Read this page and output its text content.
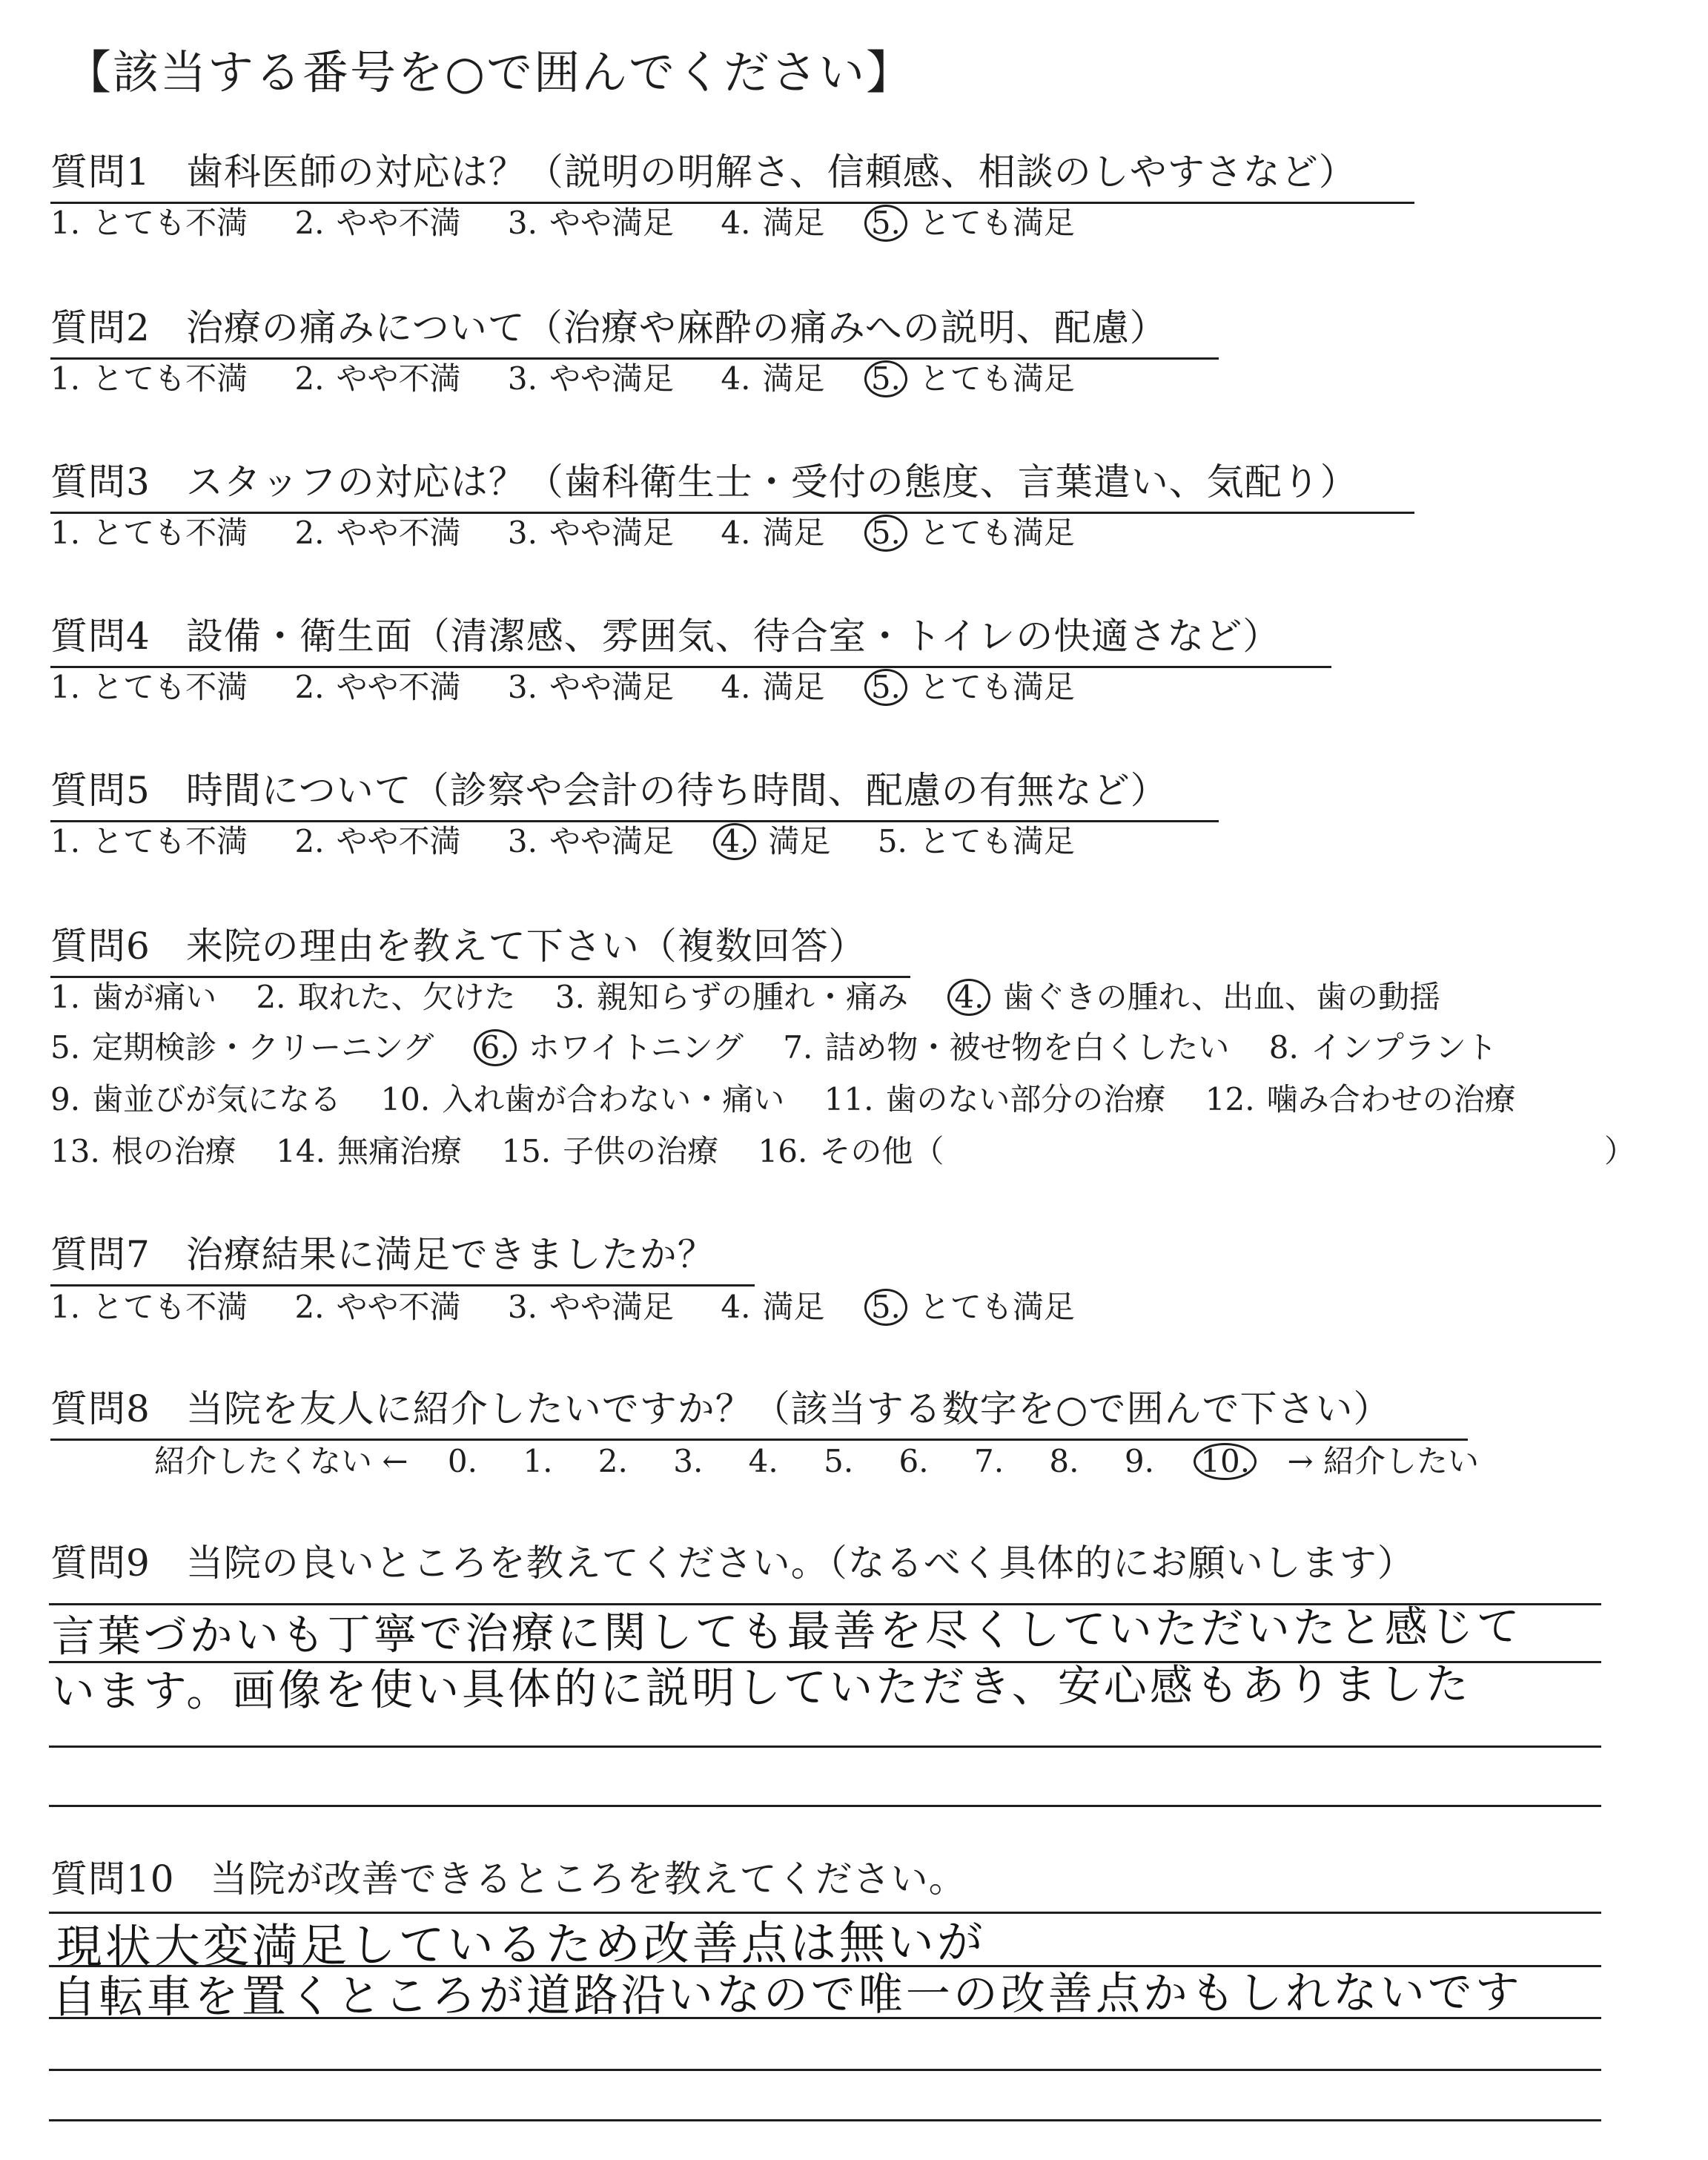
【該当する番号を○で囲んでください】
質問1 歯科医師の対応は？（説明の明解さ、信頼感、相談のしやすさなど）
1. とても不満 2. やや不満 3. やや満足 4. 満足 5. とても満足
質問2 治療の痛みについて（治療や麻酔の痛みへの説明、配慮）
1. とても不満 2. やや不満 3. やや満足 4. 満足 5. とても満足
質問3 スタッフの対応は？（歯科衛生士・受付の態度、言葉遣い、気配り）
1. とても不満 2. やや不満 3. やや満足 4. 満足 5. とても満足
質問4 設備・衛生面（清潔感、雰囲気、待合室・トイレの快適さなど）
1. とても不満 2. やや不満 3. やや満足 4. 満足 5. とても満足
質問5 時間について（診察や会計の待ち時間、配慮の有無など）
1. とても不満 2. やや不満 3. やや満足 4. 満足 5. とても満足
質問6 来院の理由を教えて下さい（複数回答）
1. 歯が痛い 2. 取れた、欠けた 3. 親知らずの腫れ・痛み 4. 歯ぐきの腫れ、出血、歯の動揺
5. 定期検診・クリーニング 6. ホワイトニング 7. 詰め物・被せ物を白くしたい 8. インプラント
9. 歯並びが気になる 10. 入れ歯が合わない・痛い 11. 歯のない部分の治療 12. 噛み合わせの治療
13. 根の治療 14. 無痛治療 15. 子供の治療 16. その他（	）
質問7 治療結果に満足できましたか？
1. とても不満 2. やや不満 3. やや満足 4. 満足 5. とても満足
質問8 当院を友人に紹介したいですか？（該当する数字を○で囲んで下さい）
紹介したくない ← 0. 1. 2. 3. 4. 5. 6. 7. 8. 9. 10. → 紹介したい
質問9 当院の良いところを教えてください。（なるべく具体的にお願いします）
言葉づかいも丁寧で治療に関しても最善を尽くしていただいたと感じて
います。画像を使い具体的に説明していただき、安心感もありました
質問10 当院が改善できるところを教えてください。
現状大変満足しているため改善点は無いが
自転車を置くところが道路沿いなので唯一の改善点かもしれないです
